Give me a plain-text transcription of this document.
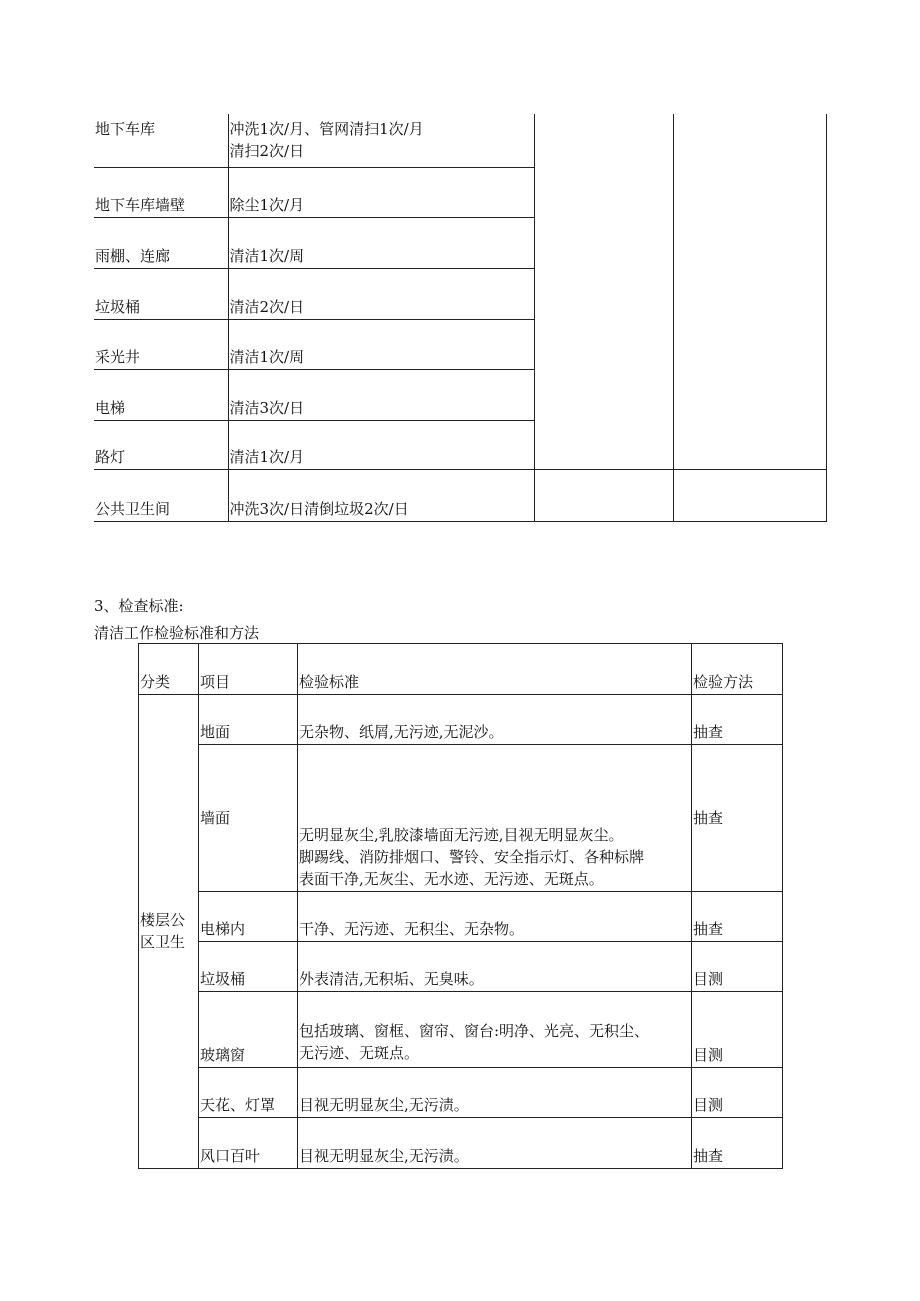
地下车库	冲洗1次/月、管网清扫1次/月
清扫2次/日		

地下车库墙壁	除尘1次/月		
雨棚、连廊	清洁1次/周		
垃圾桶	清洁2次/日		
采光井	清洁1次/周		
电梯	清洁3次/日		
路灯	清洁1次/月		
公共卫生间	冲洗3次/日清倒垃圾2次/日		
3、检查标准:
清洁工作检验标准和方法
分类	项目	检验标准	检验方法

楼层公
区卫生	地面	无杂物、纸屑,无污迹,无泥沙。	抽查
	墙面	无明显灰尘,乳胶漆墙面无污迹,目视无明显灰尘。
脚踢线、消防排烟口、警铃、安全指示灯、各种标牌
表面干净,无灰尘、无水迹、无污迹、无斑点。	抽查
	电梯内	干净、无污迹、无积尘、无杂物。	抽查
	垃圾桶	外表清洁,无积垢、无臭味。	目测
	玻璃窗	包括玻璃、窗框、窗帘、窗台:明净、光亮、无积尘、
无污迹、无斑点。	目测
	天花、灯罩	目视无明显灰尘,无污渍。	目测
	风口百叶	目视无明显灰尘,无污渍。	抽查
